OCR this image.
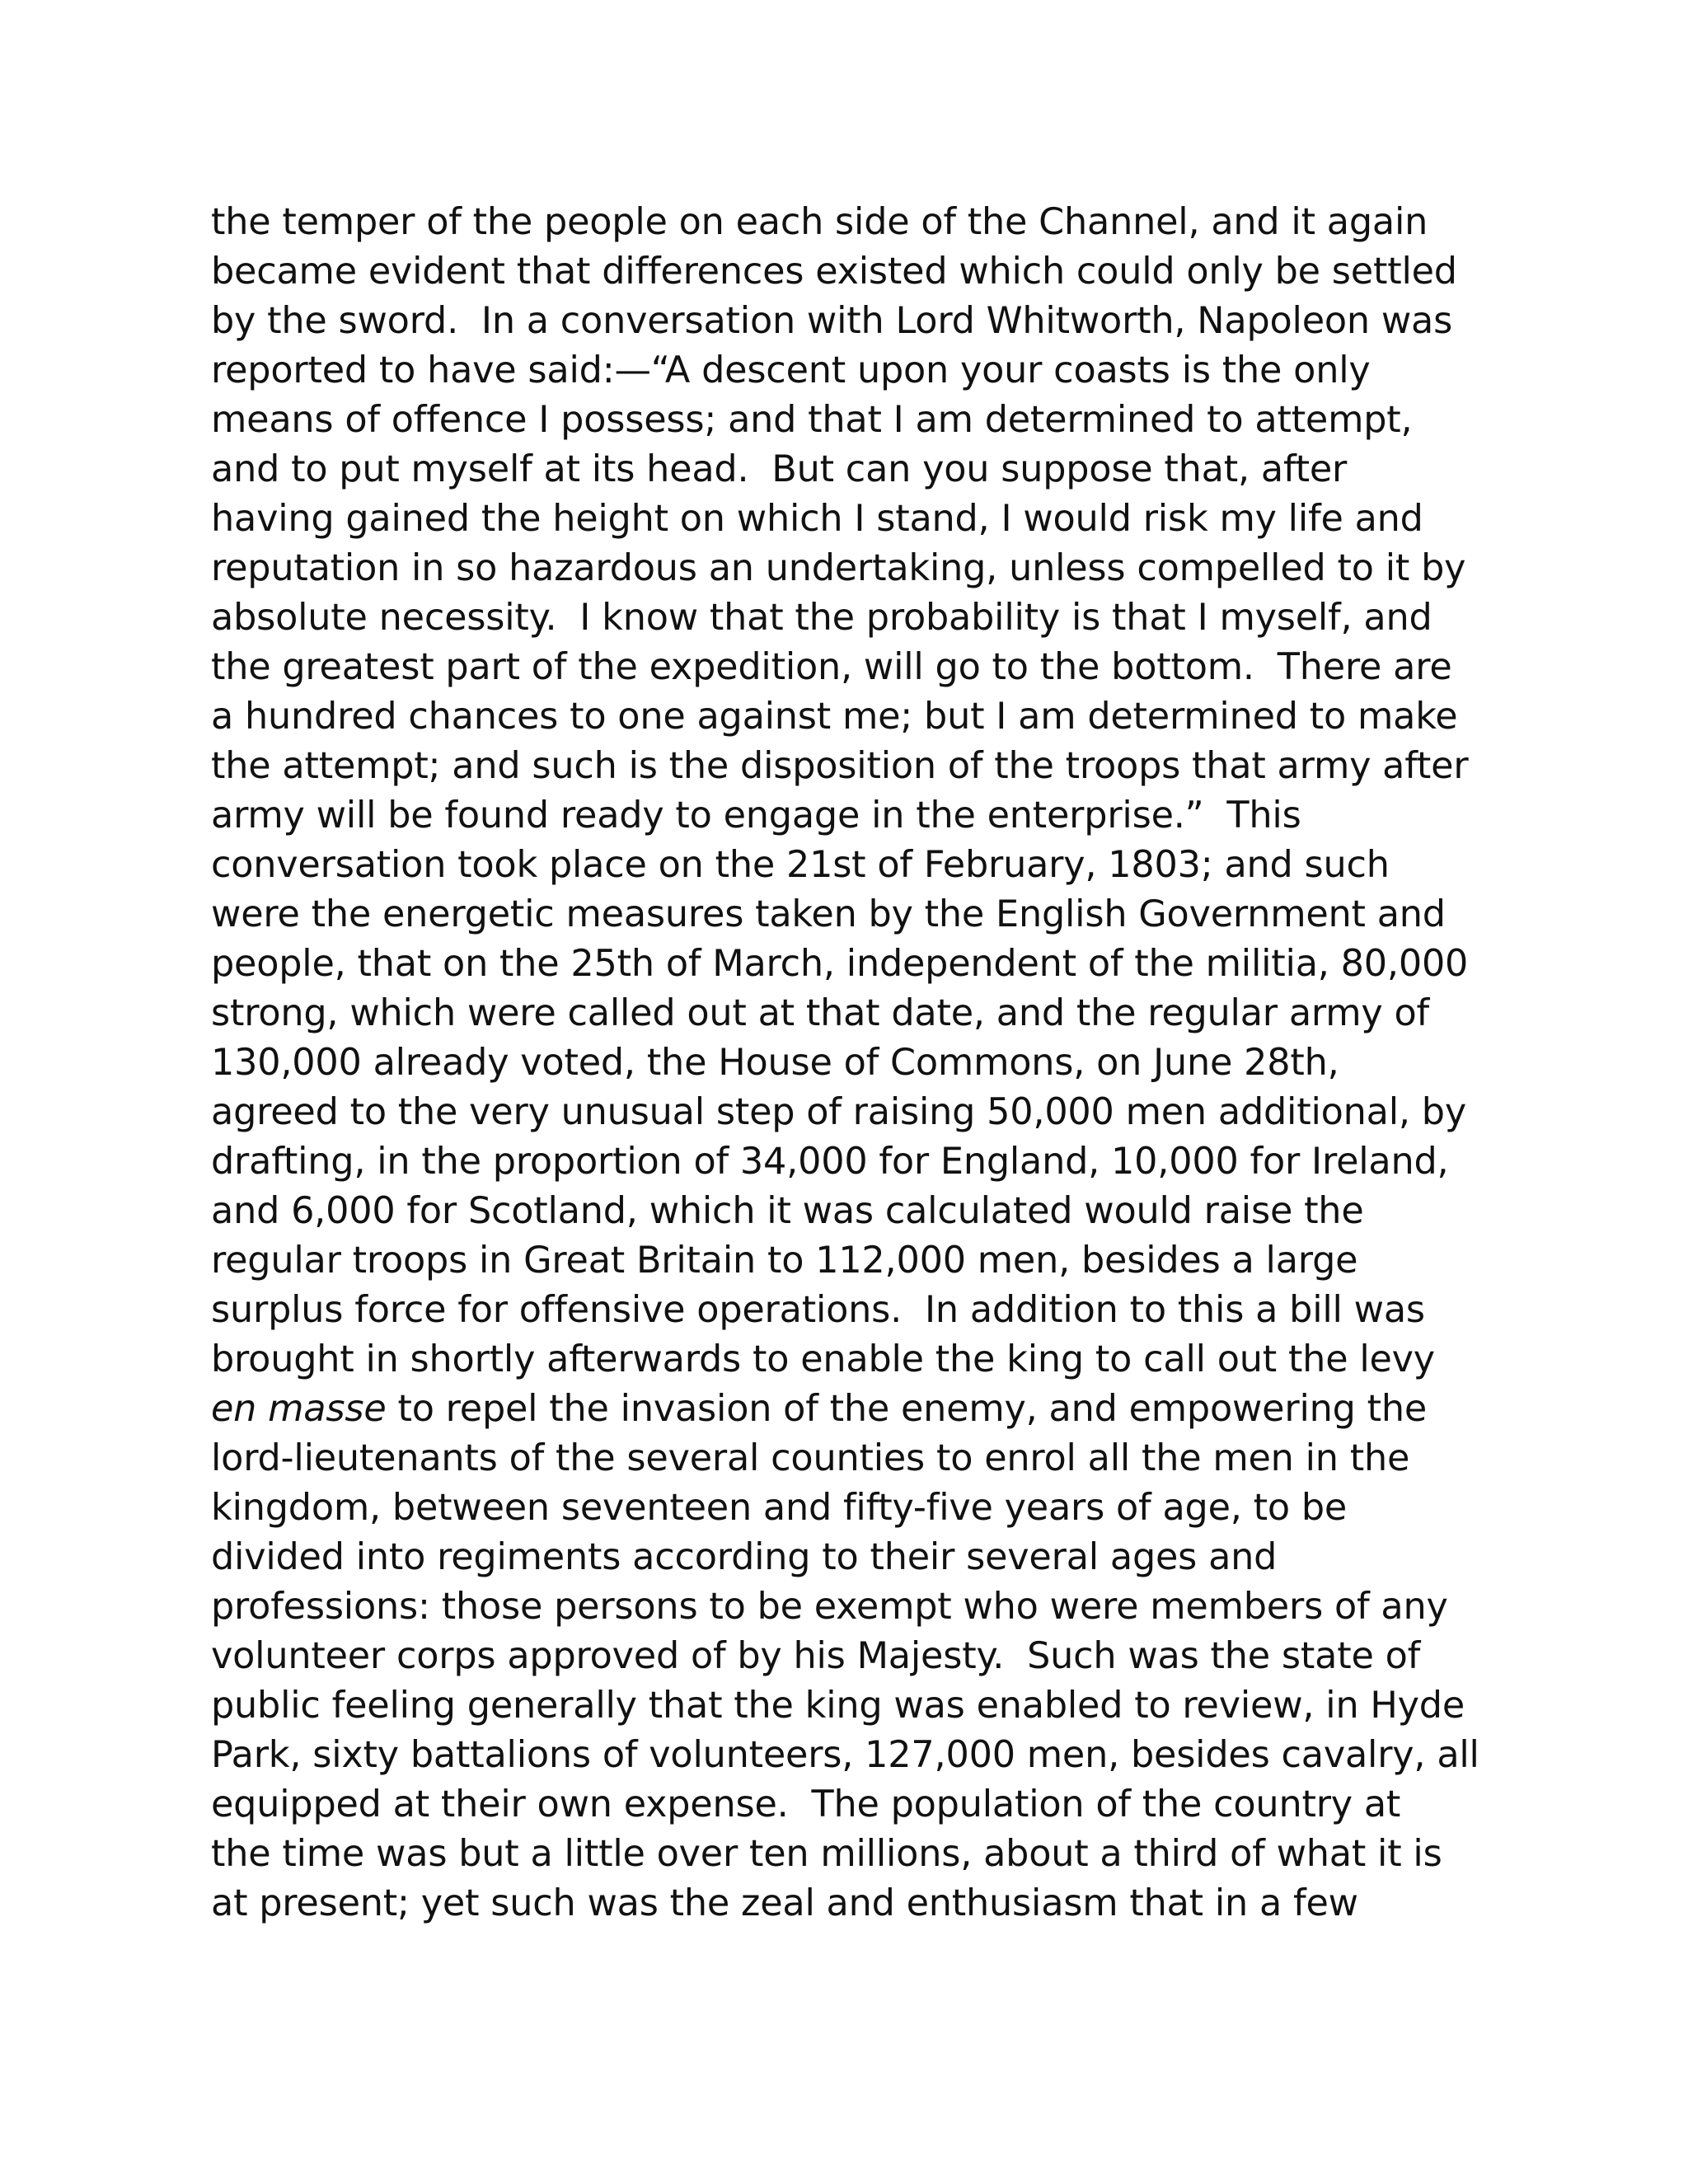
the temper of the people on each side of the Channel, and it again
became evident that differences existed which could only be settled
by the sword.  In a conversation with Lord Whitworth, Napoleon was
reported to have said:—“A descent upon your coasts is the only
means of offence I possess; and that I am determined to attempt,
and to put myself at its head.  But can you suppose that, after
having gained the height on which I stand, I would risk my life and
reputation in so hazardous an undertaking, unless compelled to it by
absolute necessity.  I know that the probability is that I myself, and
the greatest part of the expedition, will go to the bottom.  There are
a hundred chances to one against me; but I am determined to make
the attempt; and such is the disposition of the troops that army after
army will be found ready to engage in the enterprise.”  This
conversation took place on the 21st of February, 1803; and such
were the energetic measures taken by the English Government and
people, that on the 25th of March, independent of the militia, 80,000
strong, which were called out at that date, and the regular army of
130,000 already voted, the House of Commons, on June 28th,
agreed to the very unusual step of raising 50,000 men additional, by
drafting, in the proportion of 34,000 for England, 10,000 for Ireland,
and 6,000 for Scotland, which it was calculated would raise the
regular troops in Great Britain to 112,000 men, besides a large
surplus force for offensive operations.  In addition to this a bill was
brought in shortly afterwards to enable the king to call out the levy
en masse to repel the invasion of the enemy, and empowering the
lord-lieutenants of the several counties to enrol all the men in the
kingdom, between seventeen and fifty-five years of age, to be
divided into regiments according to their several ages and
professions: those persons to be exempt who were members of any
volunteer corps approved of by his Majesty.  Such was the state of
public feeling generally that the king was enabled to review, in Hyde
Park, sixty battalions of volunteers, 127,000 men, besides cavalry, all
equipped at their own expense.  The population of the country at
the time was but a little over ten millions, about a third of what it is
at present; yet such was the zeal and enthusiasm that in a few
